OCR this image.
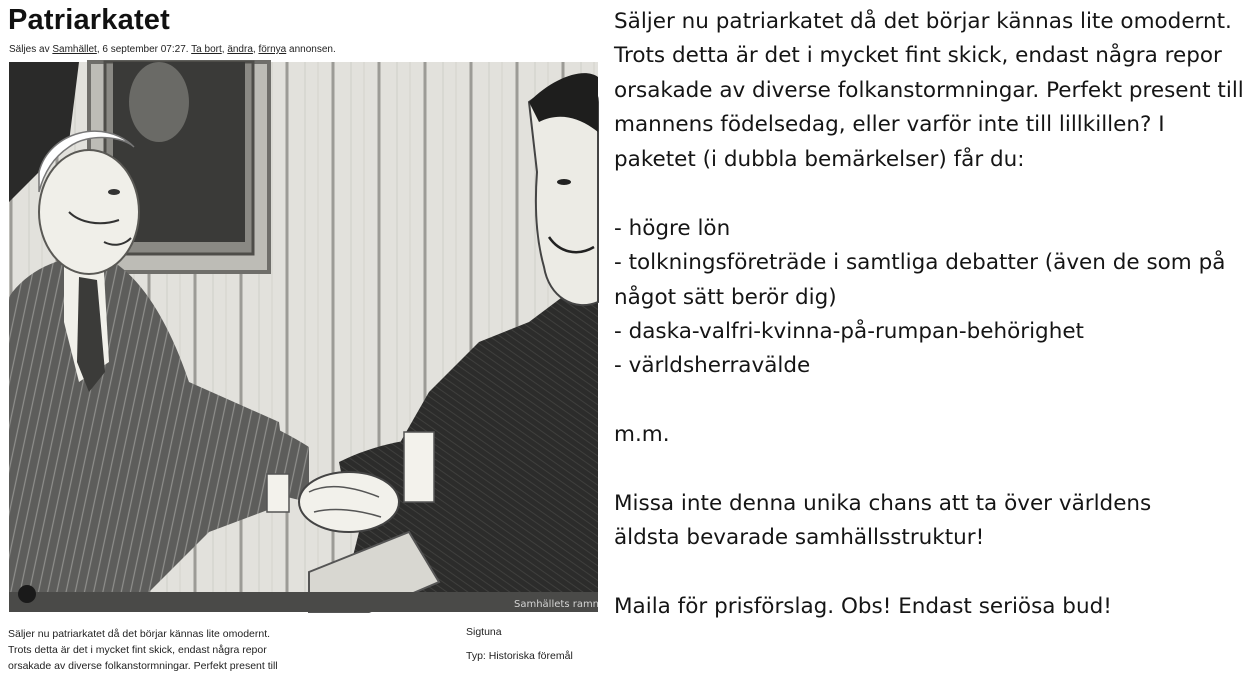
Patriarkatet
Säljes av Samhället, 6 september 07:27. Ta bort, ändra, förnya annonsen.
Samhällets ramnett
Säljer nu patriarkatet då det börjar kännas lite omodernt.
Trots detta är det i mycket fint skick, endast några repor
orsakade av diverse folkanstormningar. Perfekt present till
Sigtuna
Typ: Historiska föremål
Säljer nu patriarkatet då det börjar kännas lite omodernt.
Trots detta är det i mycket fint skick, endast några repor
orsakade av diverse folkanstormningar. Perfekt present till
mannens födelsedag, eller varför inte till lillkillen? I
paketet (i dubbla bemärkelser) får du:
- högre lön
- tolkningsföreträde i samtliga debatter (även de som på
något sätt berör dig)
- daska-valfri-kvinna-på-rumpan-behörighet
- världsherravälde
m.m.
Missa inte denna unika chans att ta över världens
äldsta bevarade samhällsstruktur!
Maila för prisförslag. Obs! Endast seriösa bud!
